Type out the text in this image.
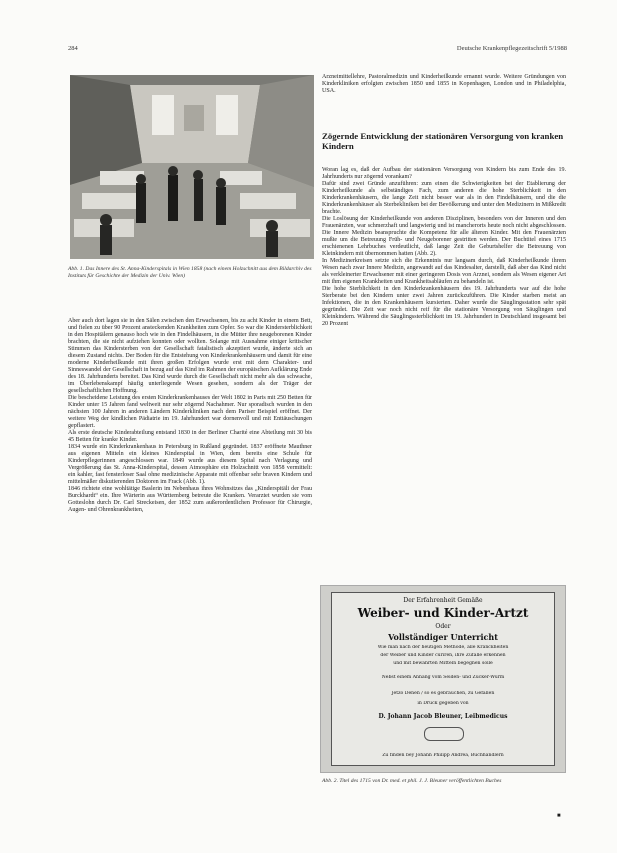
284	Deutsche Krankenpflegezeitschrift 5/1988
Abb. 1. Das Innere des St. Anna-Kinderspitals in Wien 1858 (nach einem Holzschnitt aus dem Bildarchiv des Instituts für Geschichte der Medizin der Univ. Wien)

Aber auch dort lagen sie in den Sälen zwischen den Erwachsenen, bis zu acht Kinder in einem Bett, und fielen zu über 90 Prozent ansteckenden Krankheiten zum Opfer. So war die Kindersterblichkeit in den Hospitälern genauso hoch wie in den Findelhäusern, in die Mütter ihre neugeborenen Kinder brachten, die sie nicht aufziehen konnten oder wollten. Solange mit Ausnahme einiger kritischer Stimmen das Kindersterben von der Gesellschaft fatalistisch akzeptiert wurde, änderte sich an diesem Zustand nichts. Der Boden für die Entstehung von Kinderkrankenhäusern und damit für eine moderne Kinderheilkunde mit ihren großen Erfolgen wurde erst mit dem Charakter- und Sinneswandel der Gesellschaft in bezug auf das Kind im Rahmen der europäischen Aufklärung Ende des 18. Jahrhunderts bereitet. Das Kind wurde durch die Gesellschaft nicht mehr als das schwache, im Überlebenskampf häufig unterliegende Wesen gesehen, sondern als der Träger der gesellschaftlichen Hoffnung.

Die bescheidene Leistung des ersten Kinderkrankenhauses der Welt 1802 in Paris mit 250 Betten für Kinder unter 15 Jahren fand weltweit nur sehr zögernd Nachahmer. Nur sporadisch wurden in den nächsten 100 Jahren in anderen Ländern Kinderkliniken nach dem Pariser Beispiel eröffnet. Der weitere Weg der kindlichen Pädiatrie im 19. Jahrhundert war dornenvoll und mit Enttäuschungen gepflastert.

Als erste deutsche Kinderabteilung entstand 1830 in der Berliner Charité eine Abteilung mit 30 bis 45 Betten für kranke Kinder.

1834 wurde ein Kinderkrankenhaus in Petersburg in Rußland gegründet. 1837 eröffnete Mauthner aus eigenen Mitteln ein kleines Kinderspital in Wien, dem bereits eine Schule für Kinderpflegerinnen angeschlossen war. 1849 wurde aus diesem Spital nach Verlagung und Vergrößerung das St. Anna-Kinderspital, dessen Atmosphäre ein Holzschnitt von 1858 vermittelt: ein kahler, fast fensterloser Saal ohne medizinische Apparate mit offenbar sehr braven Kindern und mittelmäßer diskutierenden Doktoren im Frack (Abb. 1).

1846 richtete eine wohltätige Baslerin im Nebenhaus ihres Wohnsitzes das „Kinderspitäli der Frau Burckhardt“ ein. Ihre Wärterin aus Württemberg betreute die Kranken. Verarztet wurden sie vom Gotteslohn durch Dr. Carl Streckeisen, der 1852 zum außerordentlichen Professor für Chirurgie, Augen- und Ohrenkrankheiten,

Arzneimittellehre, Pastoralmedizin und Kinderheilkunde ernannt wurde. Weitere Gründungen von Kinderkliniken erfolgten zwischen 1850 und 1855 in Kopenhagen, London und in Philadelphia, USA.

Zögernde Entwicklung der stationären Versorgung von kranken Kindern

Woran lag es, daß der Aufbau der stationären Versorgung von Kindern bis zum Ende des 19. Jahrhunderts nur zögernd vorankam?

Dafür sind zwei Gründe anzuführen: zum einen die Schwierigkeiten bei der Etablierung der Kinderheilkunde als selbständiges Fach, zum anderen die hohe Sterblichkeit in den Kinderkrankenhäusern, die lange Zeit nicht besser war als in den Findelhäusern, und die die Kinderkrankenhäuser als Sterbekliniken bei der Bevölkerung und unter den Medizinern in Mißkredit brachte.

Die Loslösung der Kinderheilkunde von anderen Disziplinen, besonders von der Inneren und den Frauenärzten, war schmerzhaft und langwierig und ist mancherorts heute noch nicht abgeschlossen. Die Innere Medizin beanspruchte die Kompetenz für alle älteren Kinder. Mit den Frauenärzten mußte um die Betreuung Früh- und Neugeborener gestritten werden. Der Buchtitel eines 1715 erschienenen Lehrbuches verdeutlicht, daß lange Zeit die Geburtshelfer die Betreuung von Kleinkindern mit übernommen hatten (Abb. 2).

In Medizinerkreisen setzte sich die Erkenntnis nur langsam durch, daß Kinderheilkunde ihrem Wesen nach zwar Innere Medizin, angewandt auf das Kindesalter, darstellt, daß aber das Kind nicht als verkleinerter Erwachsener mit einer geringeren Dosis von Arznei, sondern als Wesen eigener Art mit ihm eigenen Krankheiten und Krankheitsabläufen zu behandeln ist.

Die hohe Sterblichkeit in den Kinderkrankenhäusern des 19. Jahrhunderts war auf die hohe Sterberate bei den Kindern unter zwei Jahren zurückzuführen. Die Kinder starben meist an Infektionen, die in den Krankenhäusern kursierten. Daher wurde die Säuglingsstation sehr spät gegründet. Die Zeit war noch nicht reif für die stationäre Versorgung von Säuglingen und Kleinkindern. Während die Säuglingssterblichkeit im 19. Jahrhundert in Deutschland insgesamt bei 20 Prozent

Der Erfahrenheit Gemäße
Weiber- und Kinder-Artzt
Oder
Vollständiger Unterricht
Wie man nach der heutigen Methode, alle Kranckheiten
der Weiber und Kinder curiren, ihre Zufälle erkennen
und mit bewährten Mitteln begegnen solle
Nebst einem Anhang vom Seiden- und Zucker-Wurm
Jetzo Denen / so es gebrauchen, zu Gefallen
in Druck gegeben von
D. Johann Jacob Bleuner, Leibmedicus
Zu finden bey Johann Philipp Andreä, Buchhändlern
Abb. 2. Titel des 1715 von Dr. med. et phil. J. J. Bleuner veröffentlichten Buches
■
